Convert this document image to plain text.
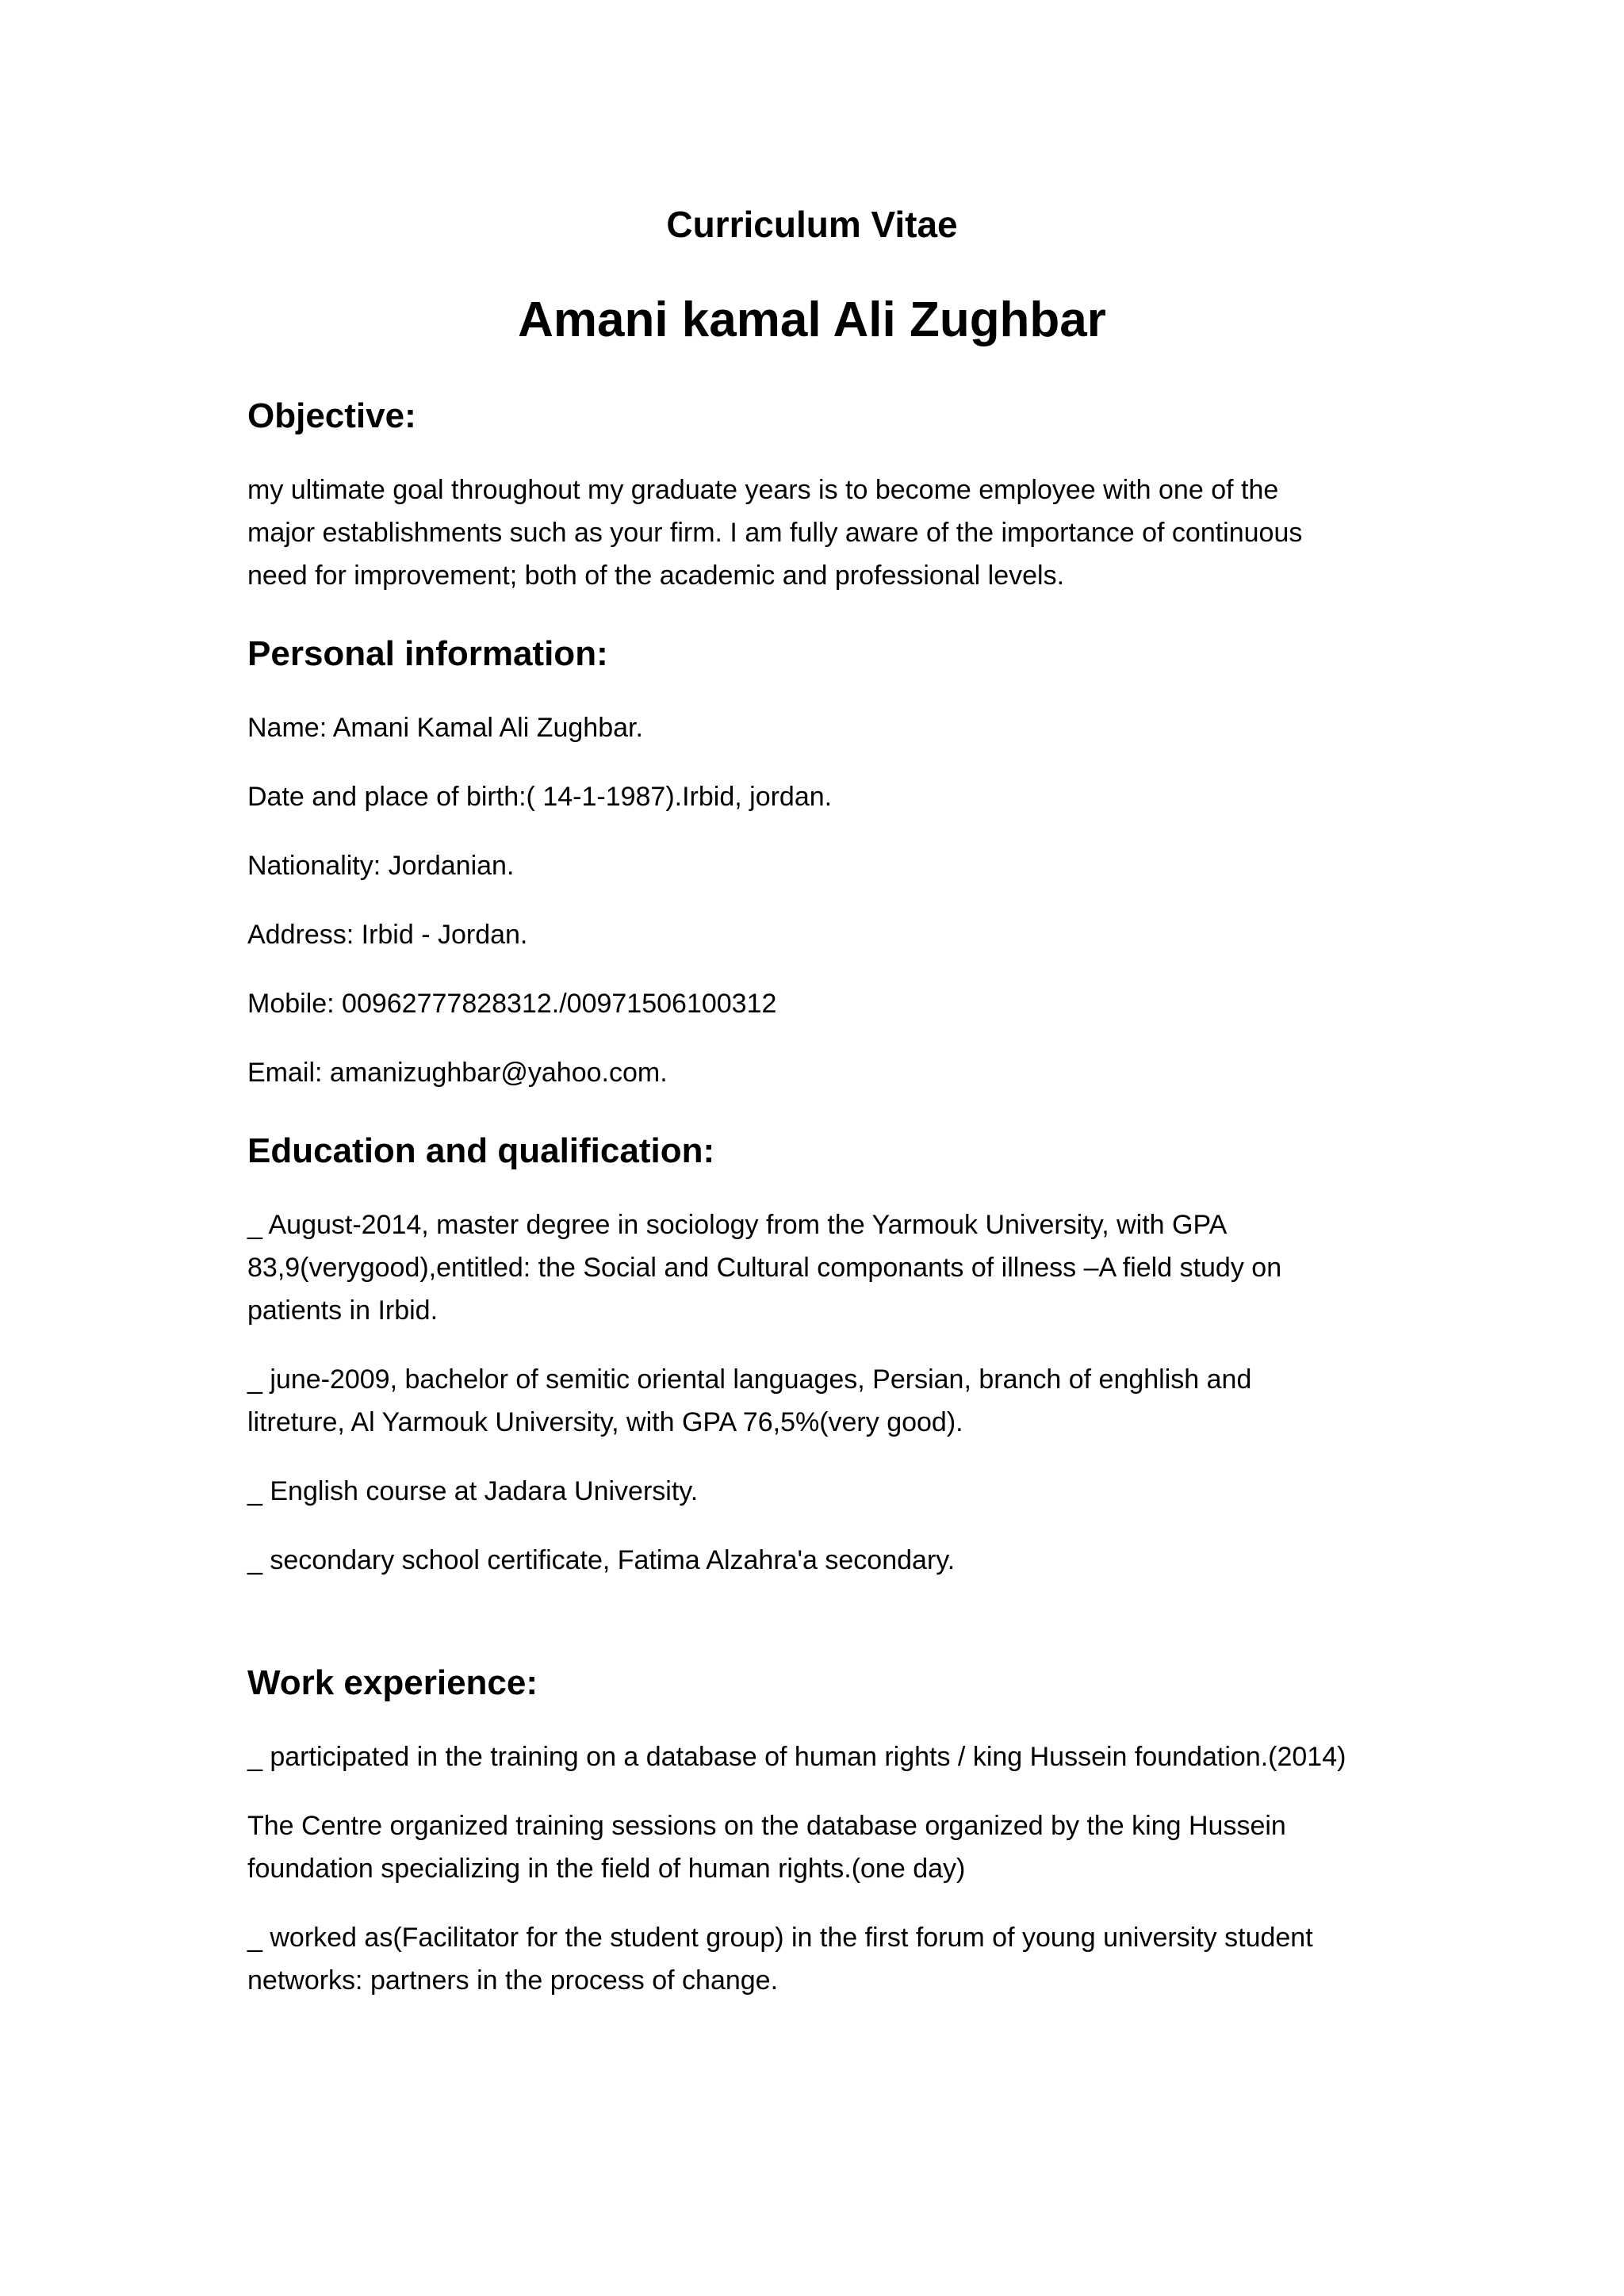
Curriculum Vitae
Amani kamal Ali Zughbar
Objective:

my ultimate goal throughout my graduate years is to become employee with one of the
major establishments such as your firm. I am fully aware of the importance of continuous
need for improvement; both of the academic and professional levels.

Personal information:

Name: Amani Kamal Ali Zughbar.

Date and place of birth:( 14-1-1987).Irbid, jordan.

Nationality: Jordanian.

Address: Irbid - Jordan.

Mobile: 00962777828312./00971506100312

Email: amanizughbar@yahoo.com.

Education and qualification:

_ August-2014, master degree in sociology from the Yarmouk University, with GPA
83,9(verygood),entitled: the Social and Cultural componants of illness –A field study on
patients in Irbid.

_ june-2009, bachelor of semitic oriental languages, Persian, branch of enghlish and
litreture, Al Yarmouk University, with GPA 76,5%(very good).

_ English course at Jadara University.

_ secondary school certificate, Fatima Alzahra'a secondary.

Work experience:

_ participated in the training on a database of human rights / king Hussein foundation.(2014)

The Centre organized training sessions on the database organized by the king Hussein
foundation specializing in the field of human rights.(one day)

_ worked as(Facilitator for the student group) in the first forum of young university student
networks: partners in the process of change.
